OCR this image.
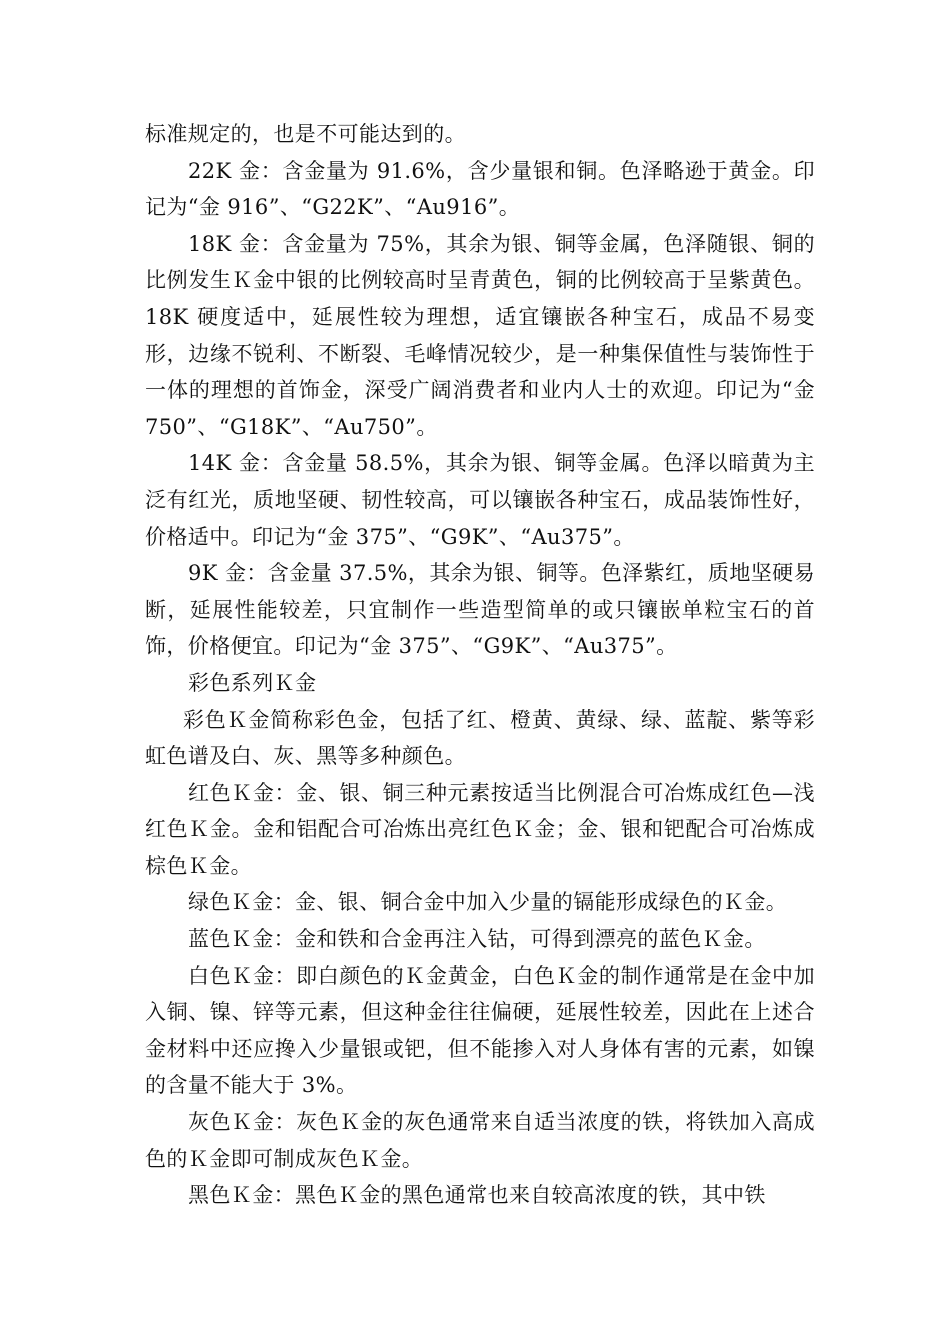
标准规定的，也是不可能达到的。

22K 金：含金量为 91.6%，含少量银和铜。色泽略逊于黄金。印记为“金 916”、“G22K”、“Au916”。

18K 金：含金量为 75%，其余为银、铜等金属，色泽随银、铜的比例发生Ｋ金中银的比例较高时呈青黄色，铜的比例较高于呈紫黄色。18K 硬度适中，延展性较为理想，适宜镶嵌各种宝石，成品不易变形，边缘不锐利、不断裂、毛峰情况较少，是一种集保值性与装饰性于一体的理想的首饰金，深受广阔消费者和业内人士的欢迎。印记为“金 750”、“G18K”、“Au750”。

14K 金：含金量 58.5%，其余为银、铜等金属。色泽以暗黄为主泛有红光，质地坚硬、韧性较高，可以镶嵌各种宝石，成品装饰性好，价格适中。印记为“金 375”、“G9K”、“Au375”。

9K 金：含金量 37.5%，其余为银、铜等。色泽紫红，质地坚硬易断，延展性能较差，只宜制作一些造型简单的或只镶嵌单粒宝石的首饰，价格便宜。印记为“金 375”、“G9K”、“Au375”。

彩色系列Ｋ金

彩色Ｋ金简称彩色金，包括了红、橙黄、黄绿、绿、蓝靛、紫等彩虹色谱及白、灰、黑等多种颜色。

红色Ｋ金：金、银、铜三种元素按适当比例混合可冶炼成红色—浅红色Ｋ金。金和铝配合可冶炼出亮红色Ｋ金；金、银和钯配合可冶炼成棕色Ｋ金。

绿色Ｋ金：金、银、铜合金中加入少量的镉能形成绿色的Ｋ金。

蓝色Ｋ金：金和铁和合金再注入钴，可得到漂亮的蓝色Ｋ金。

白色Ｋ金：即白颜色的Ｋ金黄金，白色Ｋ金的制作通常是在金中加入铜、镍、锌等元素，但这种金往往偏硬，延展性较差，因此在上述合金材料中还应搀入少量银或钯，但不能掺入对人身体有害的元素，如镍的含量不能大于 3%。

灰色Ｋ金：灰色Ｋ金的灰色通常来自适当浓度的铁，将铁加入高成色的Ｋ金即可制成灰色Ｋ金。

黑色Ｋ金：黑色Ｋ金的黑色通常也来自较高浓度的铁，其中铁
